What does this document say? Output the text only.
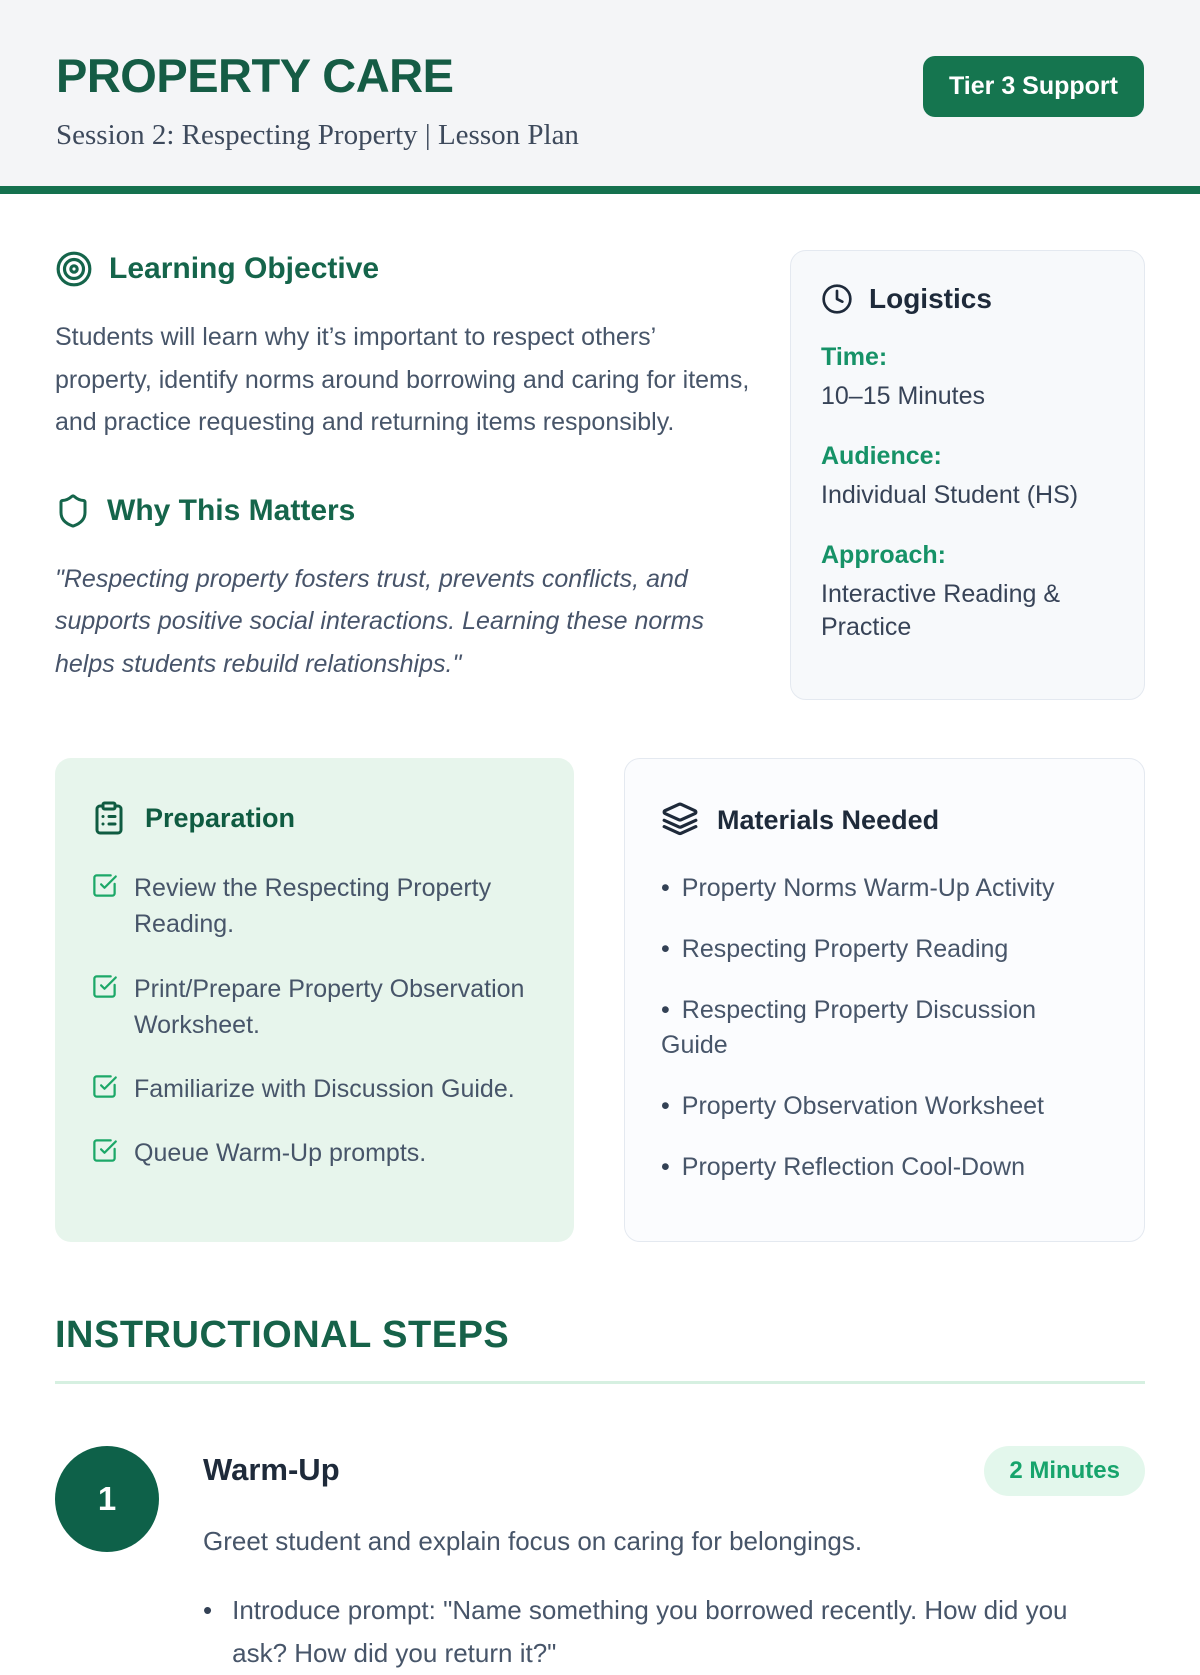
PROPERTY CARE
Session 2: Respecting Property | Lesson Plan
Tier 3 Support
Learning Objective

Students will learn why it’s important to respect others’ property, identify norms around borrowing and caring for items, and practice requesting and returning items responsibly.

Why This Matters

"Respecting property fosters trust, prevents conflicts, and supports positive social interactions. Learning these norms helps students rebuild relationships."

Logistics
Time:
10–15 Minutes
Audience:
Individual Student (HS)
Approach:
Interactive Reading & Practice
Preparation
Review the Respecting Property Reading.
Print/Prepare Property Observation Worksheet.
Familiarize with Discussion Guide.
Queue Warm-Up prompts.
Materials Needed
• Property Norms Warm-Up Activity
• Respecting Property Reading
• Respecting Property Discussion Guide
• Property Observation Worksheet
• Property Reflection Cool-Down
INSTRUCTIONAL STEPS
1
Warm-Up	2 Minutes
Greet student and explain focus on caring for belongings.
• Introduce prompt: "Name something you borrowed recently. How did you ask? How did you return it?"
